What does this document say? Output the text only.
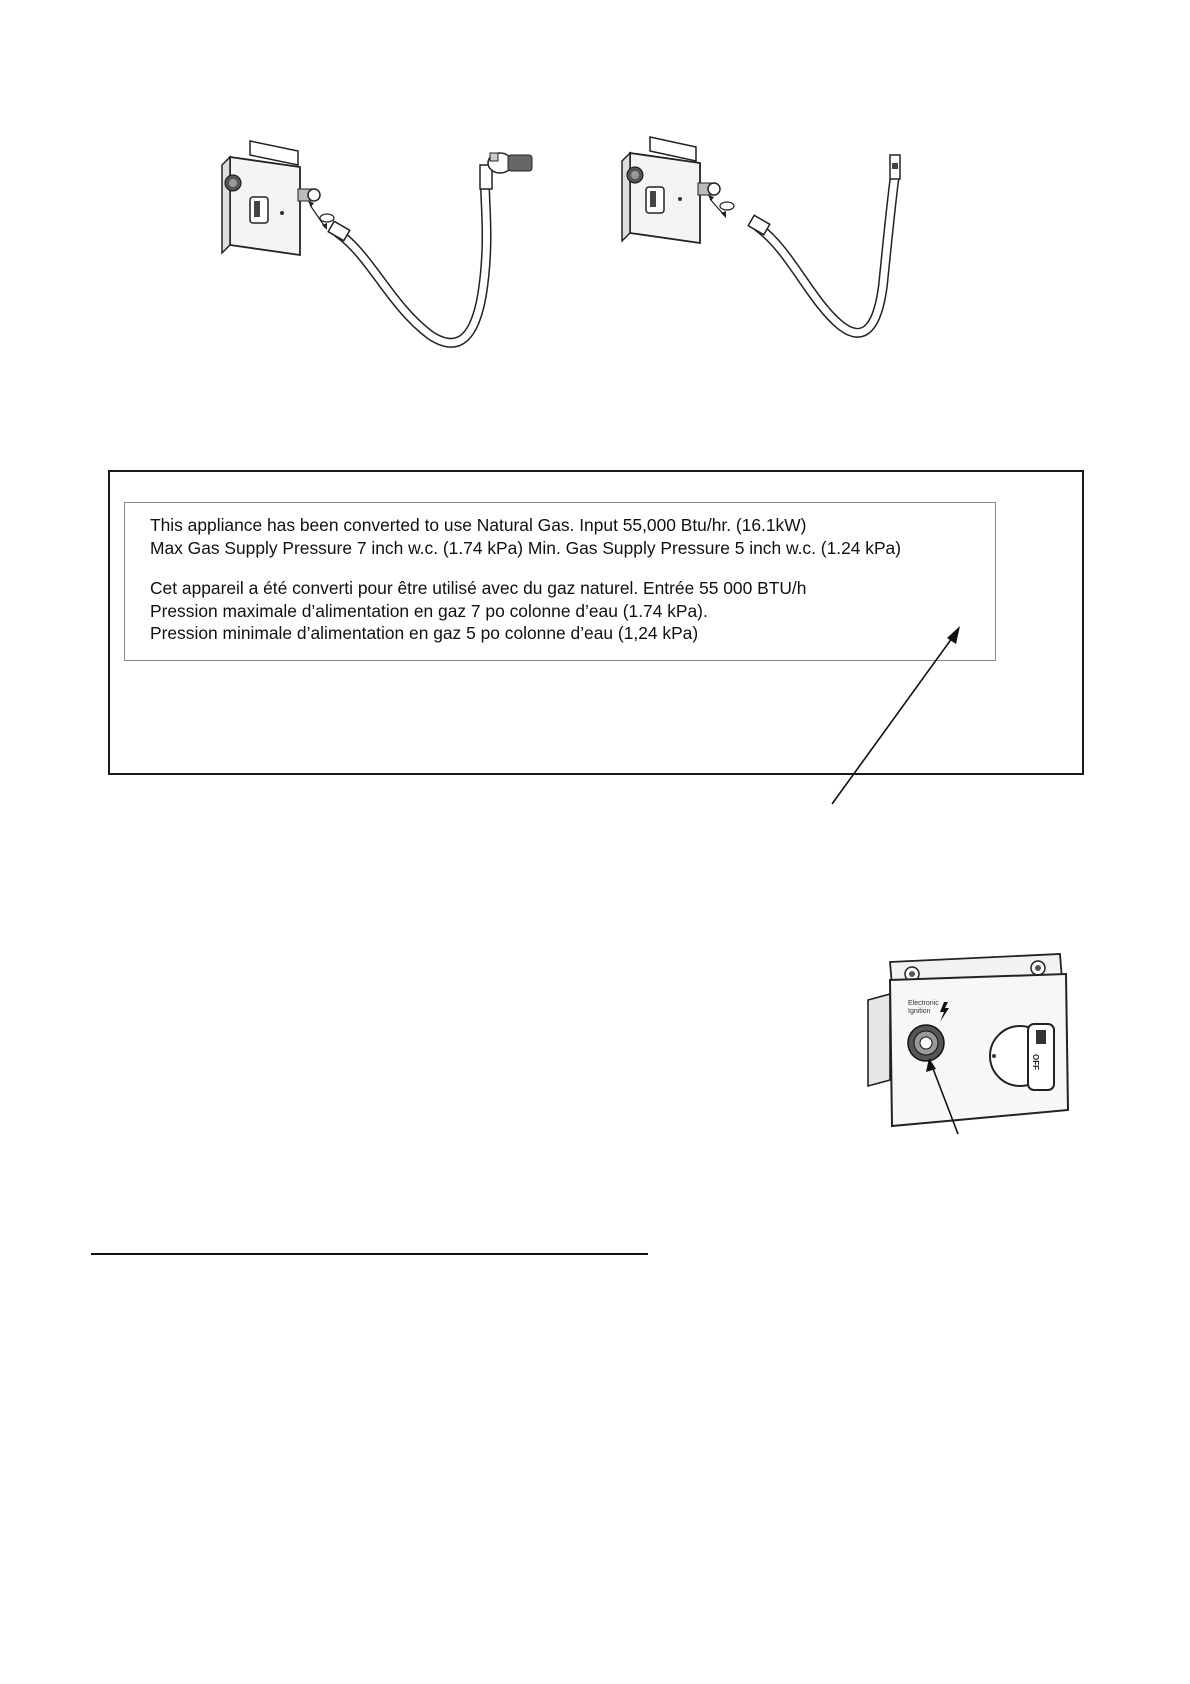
This appliance has been converted to use Natural Gas. Input 55,000 Btu/hr. (16.1kW)
Max Gas Supply Pressure 7 inch w.c. (1.74 kPa) Min. Gas Supply Pressure 5 inch w.c. (1.24 kPa)
Cet appareil a été converti pour être utilisé avec du gaz naturel. Entrée 55 000 BTU/h
Pression maximale d’alimentation en gaz 7 po colonne d’eau (1.74 kPa).
Pression minimale d’alimentation en gaz 5 po colonne d’eau (1,24 kPa)
Electronic
Ignition
OFF
